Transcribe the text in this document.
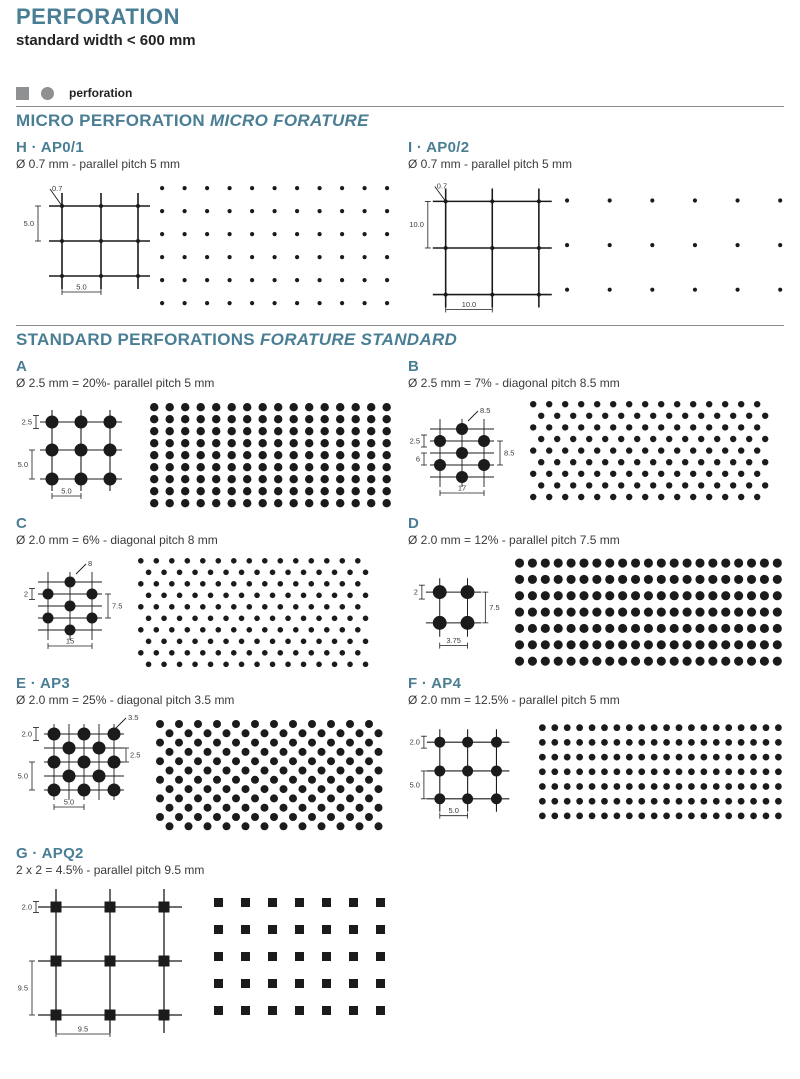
PERFORATION
standard width < 600 mm
perforation
MICRO PERFORATION MICRO FORATURE
H · AP0/1

Ø 0.7 mm - parallel pitch 5 mm

0.7
5.0
5.0
I · AP0/2

Ø 0.7 mm - parallel pitch 5 mm

0.7
10.0
10.0
STANDARD PERFORATIONS FORATURE STANDARD
A

Ø 2.5 mm = 20%- parallel pitch 5 mm

2.5
5.0
5.0
B

Ø 2.5 mm = 7% - diagonal pitch 8.5 mm

8.5
2.5
6
8.5
17
C

Ø 2.0 mm = 6% - diagonal pitch 8 mm

8
2
7.5
15
D

Ø 2.0 mm = 12% - parallel pitch 7.5 mm

2
7.5
3.75
E · AP3

Ø 2.0 mm = 25% - diagonal pitch 3.5 mm

3.5
2.0
2.5
5.0
5.0
F · AP4

Ø 2.0 mm = 12.5% - parallel pitch 5 mm

2.0
5.0
5.0
G · APQ2

2 x 2 = 4.5% - parallel pitch 9.5 mm

2.0
9.5
9.5
